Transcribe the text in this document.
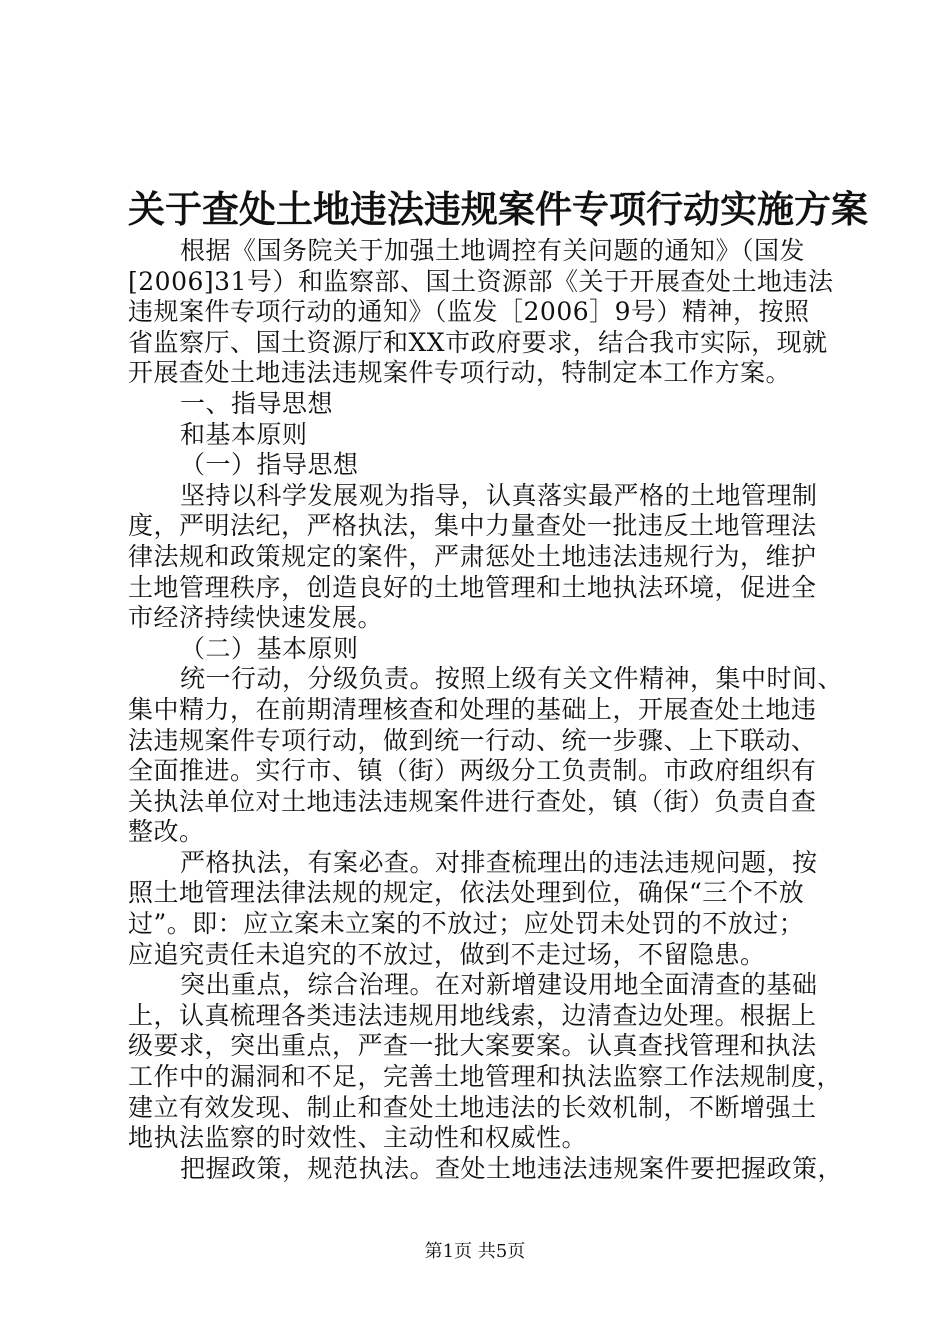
关于查处土地违法违规案件专项行动实施方案
根据《国务院关于加强土地调控有关问题的通知》（国发
[2006]31号）和监察部、国土资源部《关于开展查处土地违法
违规案件专项行动的通知》（监发［2006］9号）精神，按照
省监察厅、国土资源厅和XX市政府要求，结合我市实际，现就
开展查处土地违法违规案件专项行动，特制定本工作方案。
一、指导思想
和基本原则
（一）指导思想
坚持以科学发展观为指导，认真落实最严格的土地管理制
度，严明法纪，严格执法，集中力量查处一批违反土地管理法
律法规和政策规定的案件，严肃惩处土地违法违规行为，维护
土地管理秩序，创造良好的土地管理和土地执法环境，促进全
市经济持续快速发展。
（二）基本原则
统一行动，分级负责。按照上级有关文件精神，集中时间、
集中精力，在前期清理核查和处理的基础上，开展查处土地违
法违规案件专项行动，做到统一行动、统一步骤、上下联动、
全面推进。实行市、镇（街）两级分工负责制。市政府组织有
关执法单位对土地违法违规案件进行查处，镇（街）负责自查
整改。
严格执法，有案必查。对排查梳理出的违法违规问题，按
照土地管理法律法规的规定，依法处理到位，确保“三个不放
过”。即：应立案未立案的不放过；应处罚未处罚的不放过；
应追究责任未追究的不放过，做到不走过场，不留隐患。
突出重点，综合治理。在对新增建设用地全面清查的基础
上，认真梳理各类违法违规用地线索，边清查边处理。根据上
级要求，突出重点，严查一批大案要案。认真查找管理和执法
工作中的漏洞和不足，完善土地管理和执法监察工作法规制度，
建立有效发现、制止和查处土地违法的长效机制，不断增强土
地执法监察的时效性、主动性和权威性。
把握政策，规范执法。查处土地违法违规案件要把握政策，
第1页 共5页
